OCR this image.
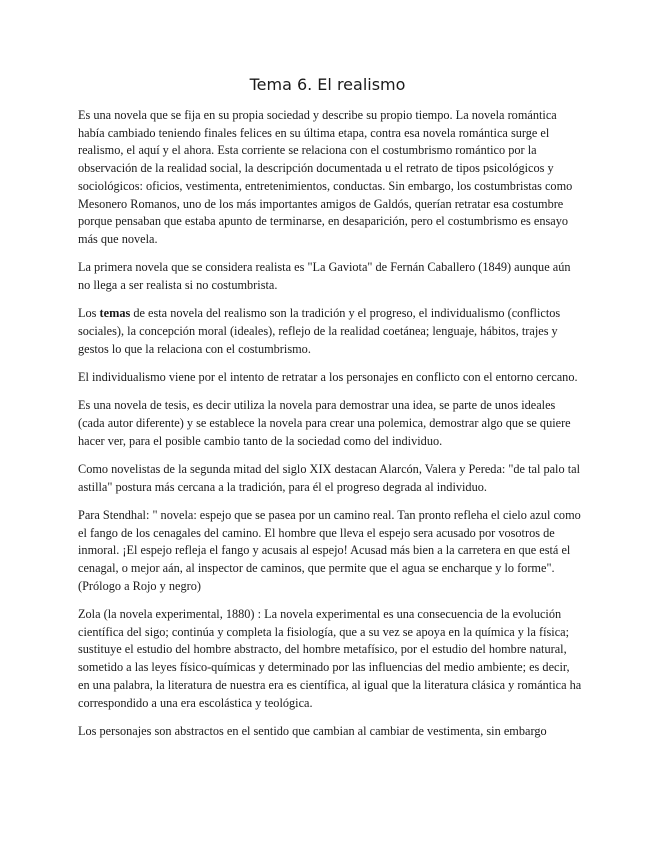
Tema 6. El realismo

Es una novela que se fija en su propia sociedad y describe su propio tiempo. La novela romántica había cambiado teniendo finales felices en su última etapa, contra esa novela romántica surge el realismo, el aquí y el ahora. Esta corriente se relaciona con el costumbrismo romántico por la observación de la realidad social, la descripción documentada u el retrato de tipos psicológicos y sociológicos: oficios, vestimenta, entretenimientos, conductas. Sin embargo, los costumbristas como Mesonero Romanos, uno de los más importantes amigos de Galdós, querían retratar esa costumbre porque pensaban que estaba apunto de terminarse, en desaparición, pero el costumbrismo es ensayo más que novela.

La primera novela que se considera realista es "La Gaviota" de Fernán Caballero (1849) aunque aún no llega a ser realista si no costumbrista.

Los temas de esta novela del realismo son la tradición y el progreso, el individualismo (conflictos sociales), la concepción moral (ideales), reflejo de la realidad coetánea; lenguaje, hábitos, trajes y gestos lo que la relaciona con el costumbrismo.

El individualismo viene por el intento de retratar a los personajes en conflicto con el entorno cercano.

Es una novela de tesis, es decir utiliza la novela para demostrar una idea, se parte de unos ideales (cada autor diferente) y se establece la novela para crear una polemica, demostrar algo que se quiere hacer ver, para el posible cambio tanto de la sociedad como del individuo.

Como novelistas de la segunda mitad del siglo XIX destacan Alarcón, Valera y Pereda: "de tal palo tal astilla" postura más cercana a la tradición, para él el progreso degrada al individuo.

Para Stendhal: " novela: espejo que se pasea por un camino real. Tan pronto refleha el cielo azul como el fango de los cenagales del camino. El hombre que lleva el espejo sera acusado por vosotros de inmoral. ¡El espejo refleja el fango y acusais al espejo! Acusad más bien a la carretera en que está el cenagal, o mejor aán, al inspector de caminos, que permite que el agua se encharque y lo forme". (Prólogo a Rojo y negro)

Zola (la novela experimental, 1880) : La novela experimental es una consecuencia de la evolución científica del sigo; continúa y completa la fisiología, que a su vez se apoya en la química y la física; sustituye el estudio del hombre abstracto, del hombre metafísico, por el estudio del hombre natural, sometido a las leyes físico-químicas y determinado por las influencias del medio ambiente; es decir, en una palabra, la literatura de nuestra era es científica, al igual que la literatura clásica y romántica ha correspondido a una era escolástica y teológica.

Los personajes son abstractos en el sentido que cambian al cambiar de vestimenta, sin embargo
